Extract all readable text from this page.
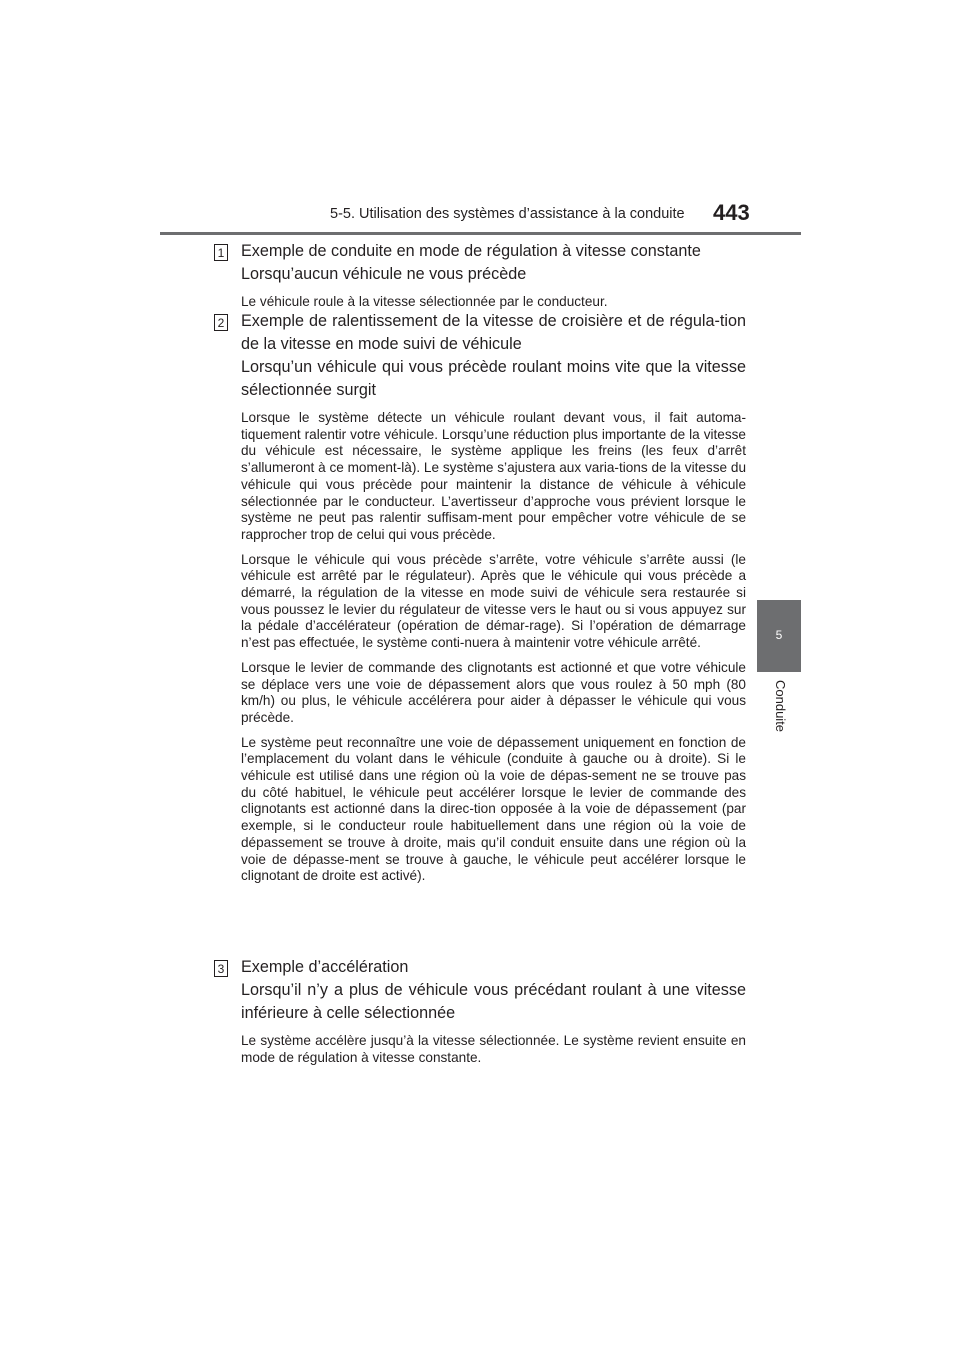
5-5. Utilisation des systèmes d’assistance à la conduite 443
5
Conduite
1 Exemple de conduite en mode de régulation à vitesse constante
Lorsqu’aucun véhicule ne vous précède

Le véhicule roule à la vitesse sélectionnée par le conducteur.

2 Exemple de ralentissement de la vitesse de croisière et de régula-tion de la vitesse en mode suivi de véhicule
Lorsqu’un véhicule qui vous précède roulant moins vite que la vitesse sélectionnée surgit

Lorsque le système détecte un véhicule roulant devant vous, il fait automa-tiquement ralentir votre véhicule. Lorsqu’une réduction plus importante de la vitesse du véhicule est nécessaire, le système applique les freins (les feux d’arrêt s’allumeront à ce moment-là). Le système s’ajustera aux varia-tions de la vitesse du véhicule qui vous précède pour maintenir la distance de véhicule à véhicule sélectionnée par le conducteur. L’avertisseur d’approche vous prévient lorsque le système ne peut pas ralentir suffisam-ment pour empêcher votre véhicule de se rapprocher trop de celui qui vous précède.

Lorsque le véhicule qui vous précède s’arrête, votre véhicule s’arrête aussi (le véhicule est arrêté par le régulateur). Après que le véhicule qui vous précède a démarré, la régulation de la vitesse en mode suivi de véhicule sera restaurée si vous poussez le levier du régulateur de vitesse vers le haut ou si vous appuyez sur la pédale d’accélérateur (opération de démar-rage). Si l’opération de démarrage n’est pas effectuée, le système conti-nuera à maintenir votre véhicule arrêté.

Lorsque le levier de commande des clignotants est actionné et que votre véhicule se déplace vers une voie de dépassement alors que vous roulez à 50 mph (80 km/h) ou plus, le véhicule accélérera pour aider à dépasser le véhicule qui vous précède.

Le système peut reconnaître une voie de dépassement uniquement en fonction de l’emplacement du volant dans le véhicule (conduite à gauche ou à droite). Si le véhicule est utilisé dans une région où la voie de dépas-sement ne se trouve pas du côté habituel, le véhicule peut accélérer lorsque le levier de commande des clignotants est actionné dans la direc-tion opposée à la voie de dépassement (par exemple, si le conducteur roule habituellement dans une région où la voie de dépassement se trouve à droite, mais qu’il conduit ensuite dans une région où la voie de dépasse-ment se trouve à gauche, le véhicule peut accélérer lorsque le clignotant de droite est activé).

3 Exemple d’accélération
Lorsqu’il n’y a plus de véhicule vous précédant roulant à une vitesse inférieure à celle sélectionnée

Le système accélère jusqu’à la vitesse sélectionnée. Le système revient ensuite en mode de régulation à vitesse constante.
